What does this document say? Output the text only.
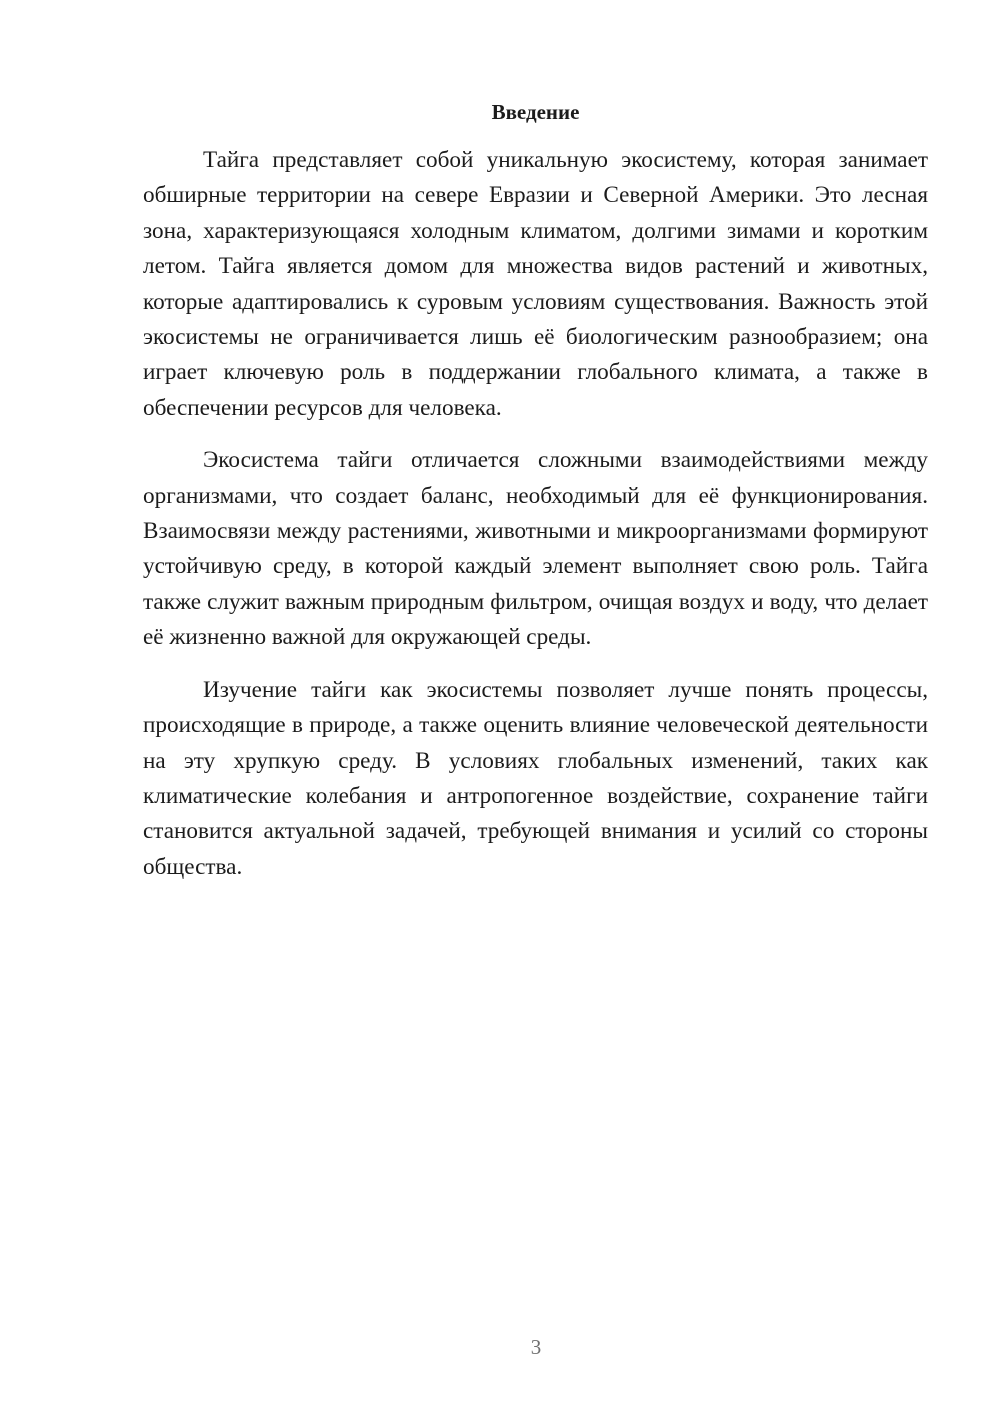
Введение

Тайга представляет собой уникальную экосистему, которая занимает обширные территории на севере Евразии и Северной Америки. Это лесная зона, характеризующаяся холодным климатом, долгими зимами и коротким летом. Тайга является домом для множества видов растений и животных, которые адаптировались к суровым условиям существования. Важность этой экосистемы не ограничивается лишь её биологическим разнообразием; она играет ключевую роль в поддержании глобального климата, а также в обеспечении ресурсов для человека.

Экосистема тайги отличается сложными взаимодействиями между организмами, что создает баланс, необходимый для её функционирования. Взаимосвязи между растениями, животными и микроорганизмами формируют устойчивую среду, в которой каждый элемент выполняет свою роль. Тайга также служит важным природным фильтром, очищая воздух и воду, что делает её жизненно важной для окружающей среды.

Изучение тайги как экосистемы позволяет лучше понять процессы, происходящие в природе, а также оценить влияние человеческой деятельности на эту хрупкую среду. В условиях глобальных изменений, таких как климатические колебания и антропогенное воздействие, сохранение тайги становится актуальной задачей, требующей внимания и усилий со стороны общества.

3
